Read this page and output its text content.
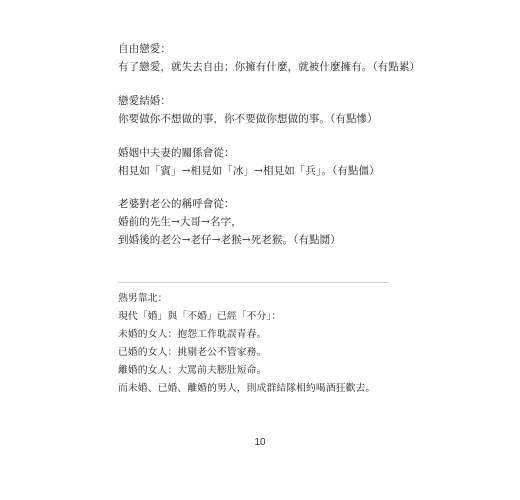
自由戀愛：
有了戀愛，就失去自由；你擁有什麼，就被什麼擁有。（有點累）
戀愛結婚：
你要做你不想做的事，你不要做你想做的事。（有點慘）
婚姻中夫妻的關係會從：
相見如「賓」→相見如「冰」→相見如「兵」。（有點僵）
老婆對老公的稱呼會從：
婚前的先生→大哥→名字，
到婚後的老公→老仔→老猴→死老猴。（有點鬩）
熟男靠北：
現代「婚」與「不婚」已經「不分」：
未婚的女人：抱怨工作耽誤青春。
已婚的女人：挑剔老公不管家務。
離婚的女人：大罵前夫膨肚短命。
而未婚、已婚、離婚的男人，則成群結隊相約喝酒狂歡去。
10
